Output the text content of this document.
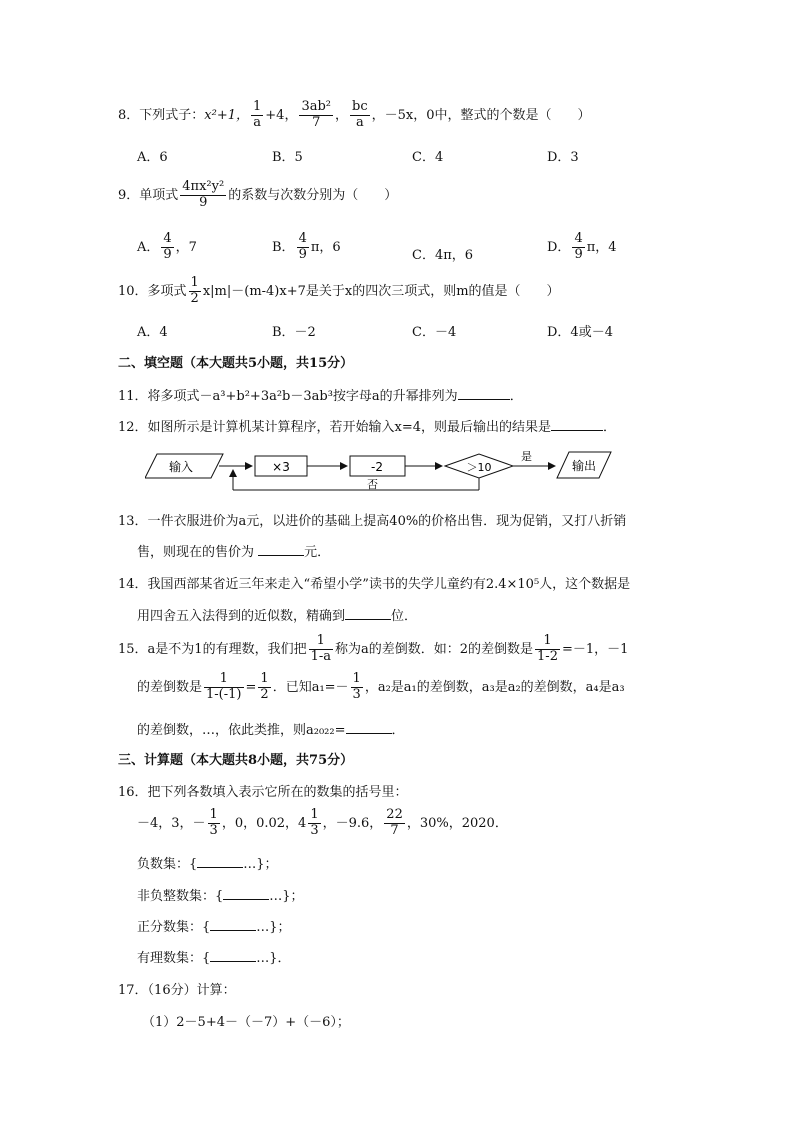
8．下列式子：x²+1， $\frac{1}{a} +4$， $\frac{\text{3ab²}}{7}$ ， $\frac{bc}{a}$ ，－5x，0中，整式的个数是（　　）
A．6	B．5	C．4	D．3
9．单项式 $\frac{\text{4πx²y²}}{9}$ 的系数与次数分别为（　　）
A． $\frac{4}{9}$ ，7	B． $\frac{4}{9}$ π，6
C．4π，6
D． $\frac{4}{9}$ π，4
10．多项式 $\frac{1}{2} x|m|-(m-4)x+7$是关于x的四次三项式，则m的值是（　　）
A．4	B．－2	C．－4	D．4或－4
二、填空题（本大题共5小题，共15分）
11．将多项式－a³+b²+3a²b－3ab³按字母a的升幂排列为	．
12．如图所示是计算机某计算程序，若开始输入x=4，则最后输出的结果是	．
输入	×3	-2	＞10
是
输出
否
13．一件衣服进价为a元，以进价的基础上提高40%的价格出售．现为促销，又打八折销
售，则现在的售价为	元．
14．我国西部某省近三年来走入“希望小学”读书的失学儿童约有2.4×10⁵人，这个数据是
用四舍五入法得到的近似数，精确到	位．
15．a是不为1的有理数，我们把 $\frac{1}{1-a}$ 称为a的差倒数．如：2的差倒数是 $\frac{1}{1-2} =-1$，－1
的差倒数是 $\frac{1}{1-(-1)} = \frac{1}{2}$ ．已知$a_1=- \frac{1}{3}$ ，a₂是a₁的差倒数，a₃是a₂的差倒数，a₄是a₃
的差倒数，…，依此类推，则a₂₀₂₂=	．
三、计算题（本大题共8小题，共75分）
16．把下列各数填入表示它所在的数集的括号里：
－4，3，－ $\frac{1}{3}$ ，0，0.02，$4 \frac{1}{3}$ ，－9.6， $\frac{22}{7}$ ，30%，2020．
负数集：{	…}；
非负整数集：{	…}；
正分数集：{	…}；
有理数集：{	…}．
17．（16分）计算：
（1）2－5+4－（－7）+（－6）；
